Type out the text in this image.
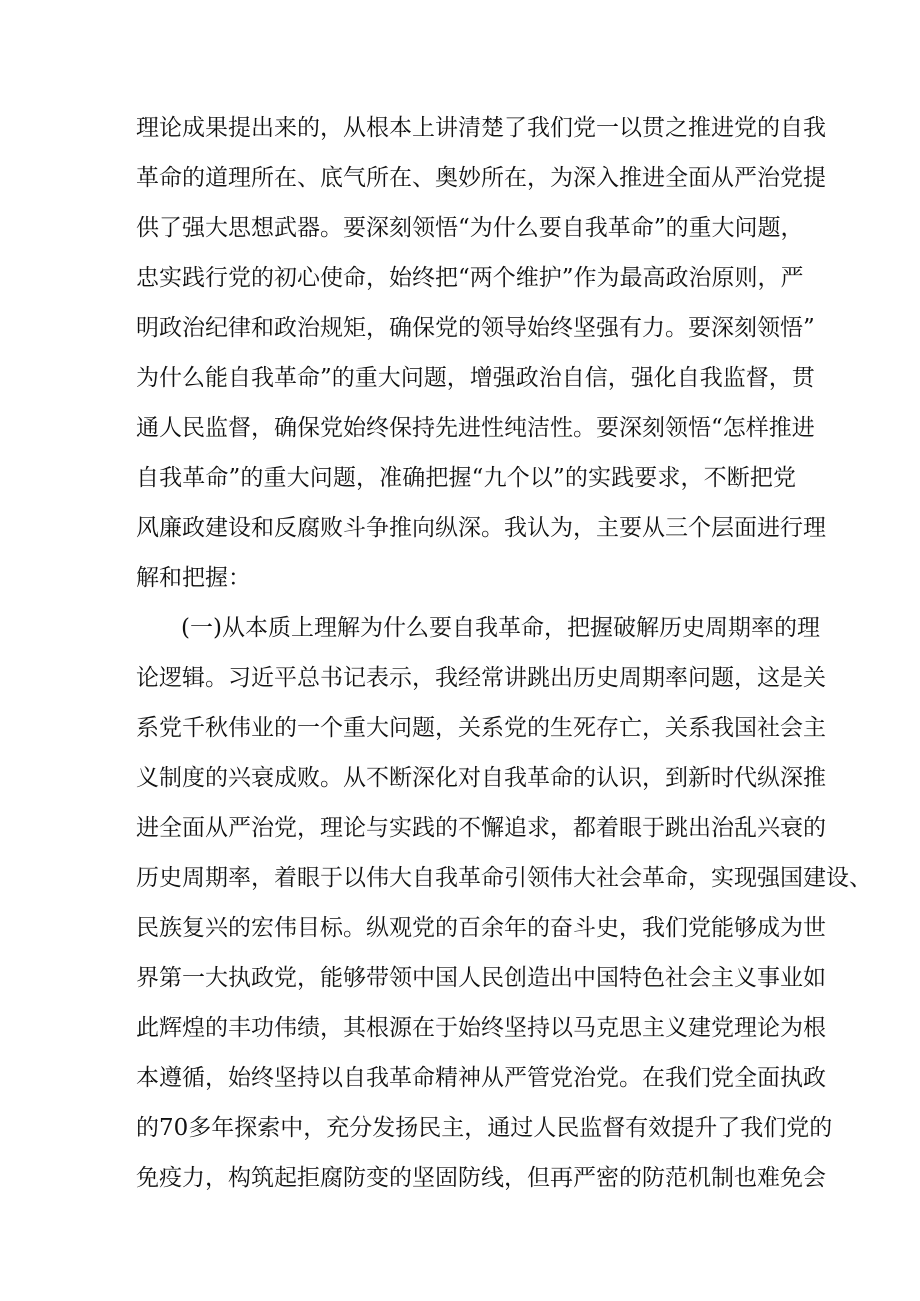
理论成果提出来的，从根本上讲清楚了我们党一以贯之推进党的自我
革命的道理所在、底气所在、奥妙所在，为深入推进全面从严治党提
供了强大思想武器。要深刻领悟“为什么要自我革命”的重大问题，
忠实践行党的初心使命，始终把“两个维护”作为最高政治原则，严
明政治纪律和政治规矩，确保党的领导始终坚强有力。要深刻领悟”
为什么能自我革命”的重大问题，增强政治自信，强化自我监督，贯
通人民监督，确保党始终保持先进性纯洁性。要深刻领悟“怎样推进
自我革命”的重大问题，准确把握“九个以”的实践要求，不断把党
风廉政建设和反腐败斗争推向纵深。我认为，主要从三个层面进行理
解和把握：
(一)从本质上理解为什么要自我革命，把握破解历史周期率的理
论逻辑。习近平总书记表示，我经常讲跳出历史周期率问题，这是关
系党千秋伟业的一个重大问题，关系党的生死存亡，关系我国社会主
义制度的兴衰成败。从不断深化对自我革命的认识，到新时代纵深推
进全面从严治党，理论与实践的不懈追求，都着眼于跳出治乱兴衰的
历史周期率，着眼于以伟大自我革命引领伟大社会革命，实现强国建设、
民族复兴的宏伟目标。纵观党的百余年的奋斗史，我们党能够成为世
界第一大执政党，能够带领中国人民创造出中国特色社会主义事业如
此辉煌的丰功伟绩，其根源在于始终坚持以马克思主义建党理论为根
本遵循，始终坚持以自我革命精神从严管党治党。在我们党全面执政
的70多年探索中，充分发扬民主，通过人民监督有效提升了我们党的
免疫力，构筑起拒腐防变的坚固防线，但再严密的防范机制也难免会
